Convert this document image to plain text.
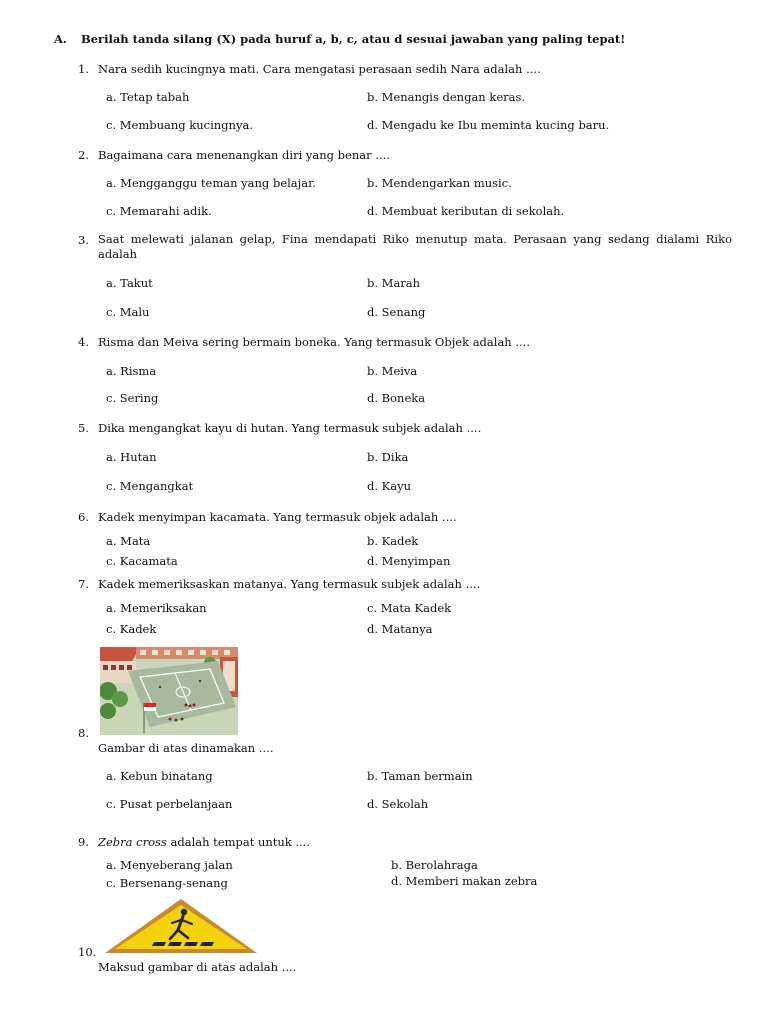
A. Berilah tanda silang (X) pada huruf a, b, c, atau d sesuai jawaban yang paling tepat!
1. Nara sedih kucingnya mati. Cara mengatasi perasaan sedih Nara adalah ....
a. Tetap tabah	b. Menangis dengan keras.
c. Membuang kucingnya.	d. Mengadu ke Ibu meminta kucing baru.
2. Bagaimana cara menenangkan diri yang benar ....
a. Mengganggu teman yang belajar.	b. Mendengarkan music.
c. Memarahi adik.	d. Membuat keributan di sekolah.
3. Saat melewati jalanan gelap, Fina mendapati Riko menutup mata. Perasaan yang sedang dialami Riko adalah
a. Takut	b. Marah
c. Malu	d. Senang
4. Risma dan Meiva sering bermain boneka. Yang termasuk Objek adalah ....
a. Risma	b. Meiva
c. Sering	d. Boneka
5. Dika mengangkat kayu di hutan. Yang termasuk subjek adalah ....
a. Hutan	b. Dika
c. Mengangkat	d. Kayu
6. Kadek menyimpan kacamata. Yang termasuk objek adalah ....
a. Mata	b. Kadek
c. Kacamata	d. Menyimpan
7. Kadek memeriksaskan matanya. Yang termasuk subjek adalah ....
a. Memeriksakan	c. Mata Kadek
c. Kadek	d. Matanya
8.
Gambar di atas dinamakan ....
a. Kebun binatang	b. Taman bermain
c. Pusat perbelanjaan	d. Sekolah
9. Zebra cross adalah tempat untuk ....
a. Menyeberang jalan	b. Berolahraga
c. Bersenang-senang	d. Memberi makan zebra
10.
Maksud gambar di atas adalah ....
